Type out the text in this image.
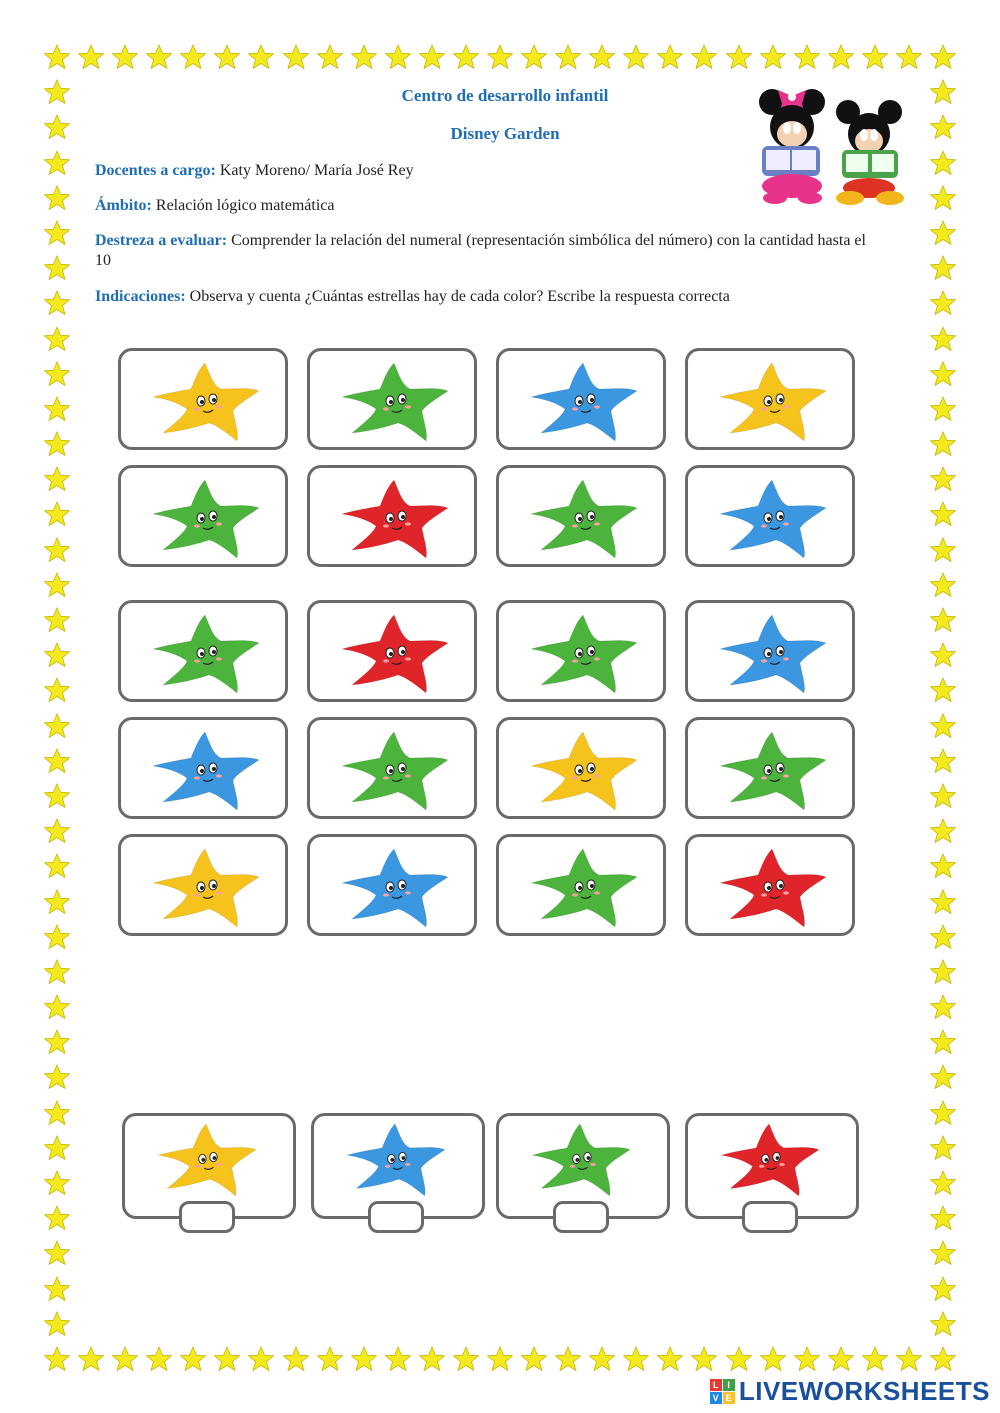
Centro de desarrollo infantil
Disney Garden
Docentes a cargo: Katy Moreno/ María José Rey
Ámbito: Relación lógico matemática
Destreza a evaluar: Comprender la relación del numeral (representación simbólica del número) con la cantidad hasta el 10
Indicaciones: Observa y cuenta ¿Cuántas estrellas hay de cada color? Escribe la respuesta correcta
L I
V E LIVEWORKSHEETS
